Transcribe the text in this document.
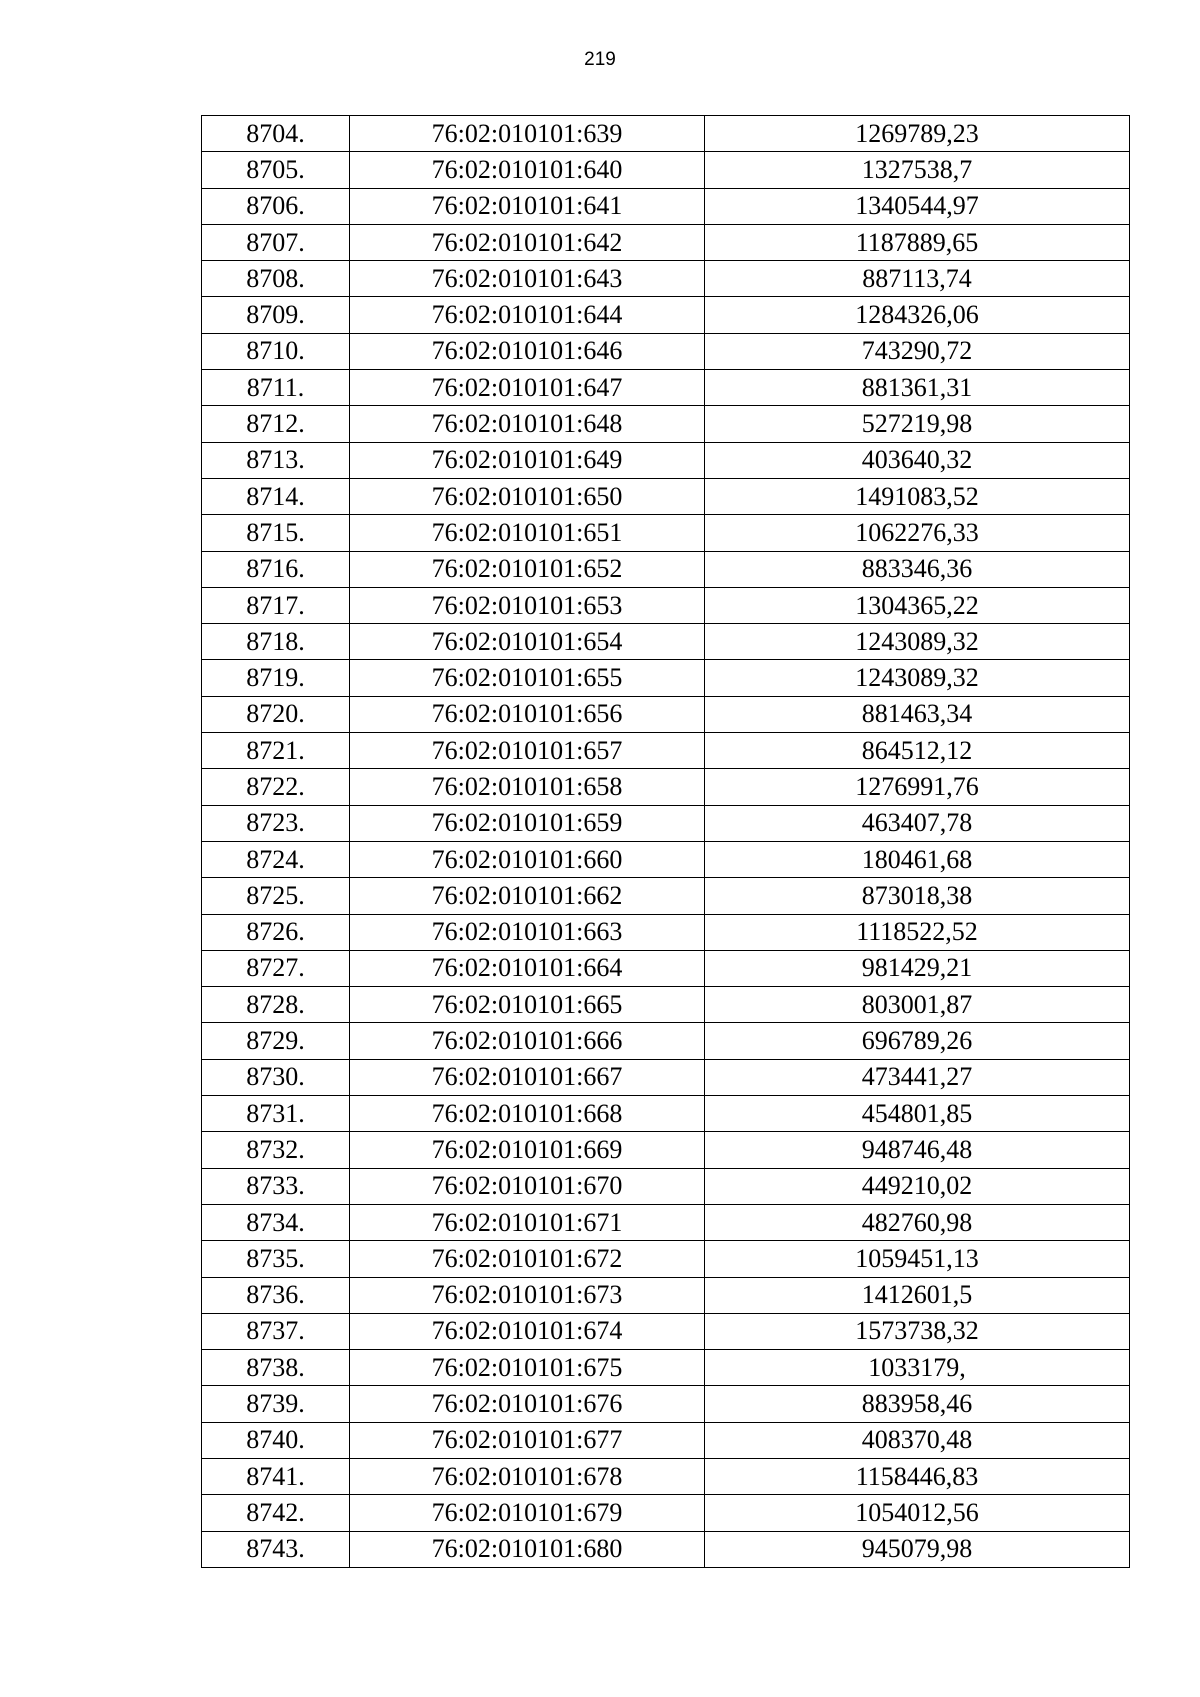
219
8704.	76:02:010101:639	1269789,23
8705.	76:02:010101:640	1327538,7
8706.	76:02:010101:641	1340544,97
8707.	76:02:010101:642	1187889,65
8708.	76:02:010101:643	887113,74
8709.	76:02:010101:644	1284326,06
8710.	76:02:010101:646	743290,72
8711.	76:02:010101:647	881361,31
8712.	76:02:010101:648	527219,98
8713.	76:02:010101:649	403640,32
8714.	76:02:010101:650	1491083,52
8715.	76:02:010101:651	1062276,33
8716.	76:02:010101:652	883346,36
8717.	76:02:010101:653	1304365,22
8718.	76:02:010101:654	1243089,32
8719.	76:02:010101:655	1243089,32
8720.	76:02:010101:656	881463,34
8721.	76:02:010101:657	864512,12
8722.	76:02:010101:658	1276991,76
8723.	76:02:010101:659	463407,78
8724.	76:02:010101:660	180461,68
8725.	76:02:010101:662	873018,38
8726.	76:02:010101:663	1118522,52
8727.	76:02:010101:664	981429,21
8728.	76:02:010101:665	803001,87
8729.	76:02:010101:666	696789,26
8730.	76:02:010101:667	473441,27
8731.	76:02:010101:668	454801,85
8732.	76:02:010101:669	948746,48
8733.	76:02:010101:670	449210,02
8734.	76:02:010101:671	482760,98
8735.	76:02:010101:672	1059451,13
8736.	76:02:010101:673	1412601,5
8737.	76:02:010101:674	1573738,32
8738.	76:02:010101:675	1033179,
8739.	76:02:010101:676	883958,46
8740.	76:02:010101:677	408370,48
8741.	76:02:010101:678	1158446,83
8742.	76:02:010101:679	1054012,56
8743.	76:02:010101:680	945079,98
